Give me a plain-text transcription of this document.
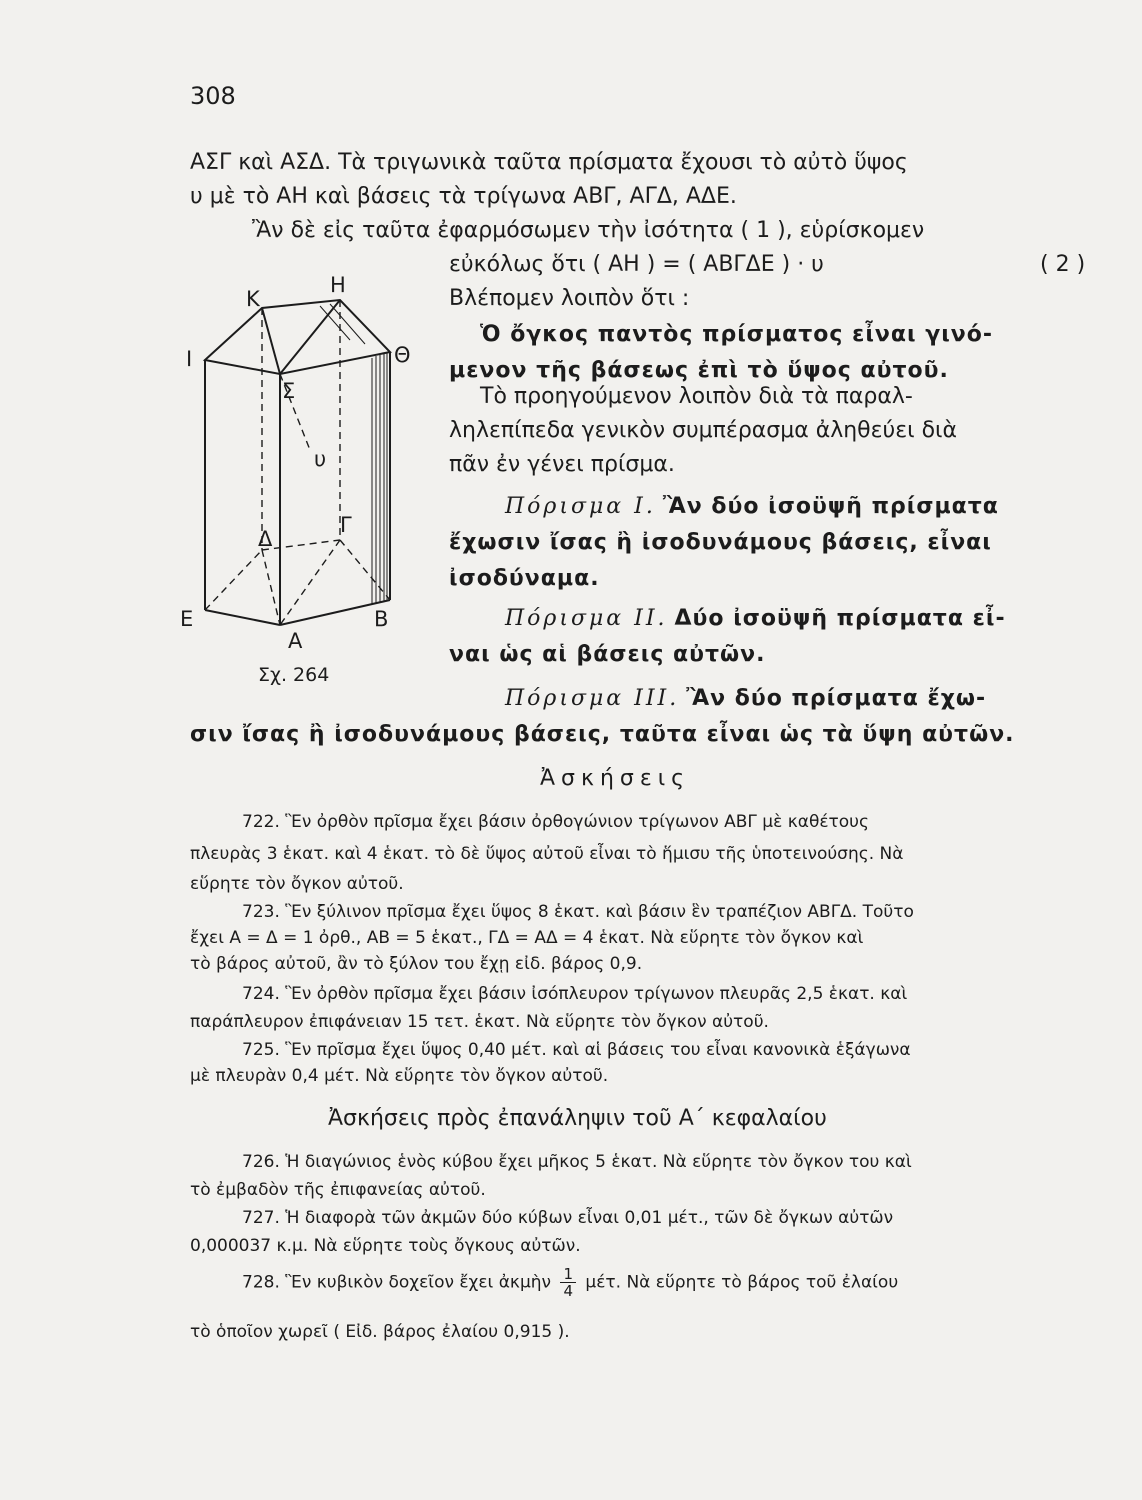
308
ΑΣΓ καὶ ΑΣΔ. Τὰ τριγωνικὰ ταῦτα πρίσματα ἔχουσι τὸ αὐτὸ ὕψος
υ μὲ τὸ ΑΗ καὶ βάσεις τὰ τρίγωνα ΑΒΓ, ΑΓΔ, ΑΔΕ.
Ἂν δὲ εἰς ταῦτα ἐφαρμόσωμεν τὴν ἰσότητα ( 1 ), εὑρίσκομεν
εὐκόλως ὅτι ( ΑΗ ) = ( ΑΒΓΔΕ ) · υ	( 2 )
Βλέπομεν λοιπὸν ὅτι :
Ὁ ὄγκος παντὸς πρίσματος εἶναι γινό-
μενον τῆς βάσεως ἐπὶ τὸ ὕψος αὐτοῦ.
Τὸ προηγούμενον λοιπὸν διὰ τὰ παραλ-
ληλεπίπεδα γενικὸν συμπέρασμα ἀληθεύει διὰ
πᾶν ἐν γένει πρίσμα.
Πόρισμα Ι. Ἂν δύο ἰσοϋψῆ πρίσματα
ἔχωσιν ἴσας ἢ ἰσοδυνάμους βάσεις, εἶναι
ἰσοδύναμα.
Πόρισμα ΙΙ. Δύο ἰσοϋψῆ πρίσματα εἶ-
ναι ὡς αἱ βάσεις αὐτῶν.
Πόρισμα ΙΙΙ. Ἂν δύο πρίσματα ἔχω-
σιν ἴσας ἢ ἰσοδυνάμους βάσεις, ταῦτα εἶναι ὡς τὰ ὕψη αὐτῶν.
Ἀσκήσεις
722. Ἓν ὀρθὸν πρῖσμα ἔχει βάσιν ὀρθογώνιον τρίγωνον ΑΒΓ μὲ καθέτους
πλευρὰς 3 ἑκατ. καὶ 4 ἑκατ. τὸ δὲ ὕψος αὐτοῦ εἶναι τὸ ἥμισυ τῆς ὑποτεινούσης. Νὰ
εὕρητε τὸν ὄγκον αὐτοῦ.
723. Ἓν ξύλινον πρῖσμα ἔχει ὕψος 8 ἑκατ. καὶ βάσιν ἓν τραπέζιον ΑΒΓΔ. Τοῦτο
ἔχει Α = Δ = 1 ὀρθ., ΑΒ = 5 ἑκατ., ΓΔ = ΑΔ = 4 ἑκατ. Νὰ εὕρητε τὸν ὄγκον καὶ
τὸ βάρος αὐτοῦ, ἂν τὸ ξύλον του ἔχῃ εἰδ. βάρος 0,9.
724. Ἓν ὀρθὸν πρῖσμα ἔχει βάσιν ἰσόπλευρον τρίγωνον πλευρᾶς 2,5 ἑκατ. καὶ
παράπλευρον ἐπιφάνειαν 15 τετ. ἑκατ. Νὰ εὕρητε τὸν ὄγκον αὐτοῦ.
725. Ἓν πρῖσμα ἔχει ὕψος 0,40 μέτ. καὶ αἱ βάσεις του εἶναι κανονικὰ ἑξάγωνα
μὲ πλευρὰν 0,4 μέτ. Νὰ εὕρητε τὸν ὄγκον αὐτοῦ.
Ἀσκήσεις πρὸς ἐπανάληψιν τοῦ Α΄ κεφαλαίου
726. Ἡ διαγώνιος ἑνὸς κύβου ἔχει μῆκος 5 ἑκατ. Νὰ εὕρητε τὸν ὄγκον του καὶ
τὸ ἐμβαδὸν τῆς ἐπιφανείας αὐτοῦ.
727. Ἡ διαφορὰ τῶν ἀκμῶν δύο κύβων εἶναι 0,01 μέτ., τῶν δὲ ὄγκων αὐτῶν
0,000037 κ.μ. Νὰ εὕρητε τοὺς ὄγκους αὐτῶν.
728. Ἓν κυβικὸν δοχεῖον ἔχει ἀκμὴν $\frac{1}{4} \mu έ\tau$. Νὰ εὕρητε τὸ βάρος τοῦ ἐλαίου
τὸ ὁποῖον χωρεῖ ( Εἰδ. βάρος ἐλαίου 0,915 ).
Κ
Η
Ι	Θ
Σ
υ
Δ
Γ
Ε	Β
Α
Σχ. 264
